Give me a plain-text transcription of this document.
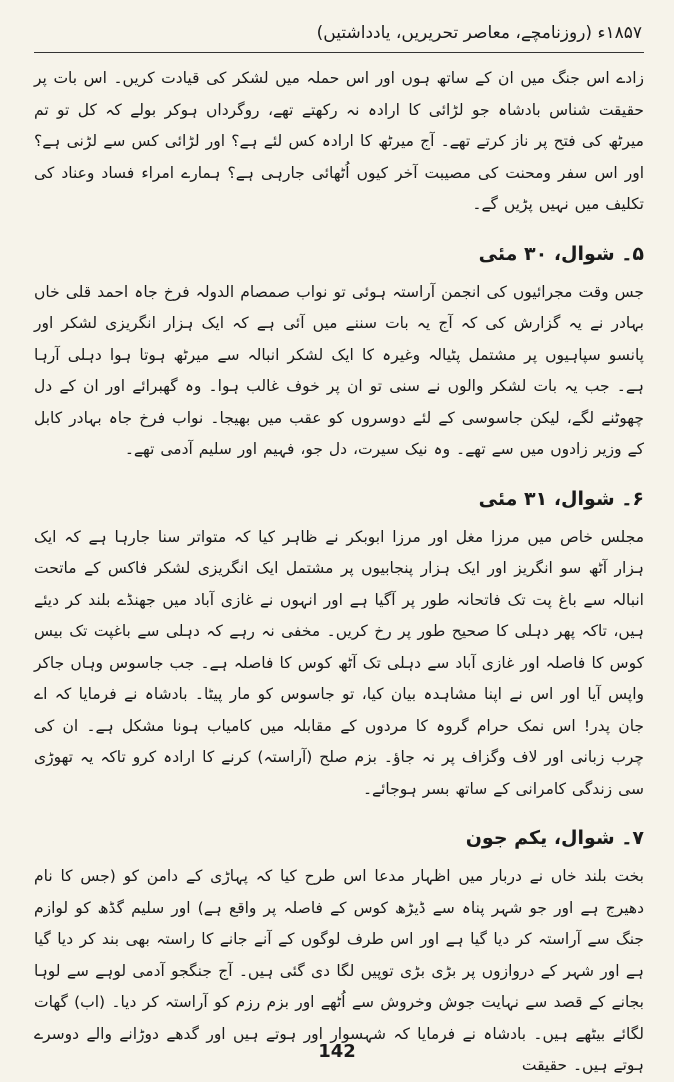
۱۸۵۷ء (روزنامچے، معاصر تحریریں، یادداشتیں)

زادے اس جنگ میں ان کے ساتھ ہوں اور اس حملہ میں لشکر کی قیادت کریں۔ اس بات پر حقیقت شناس بادشاہ جو لڑائی کا ارادہ نہ رکھتے تھے، روگرداں ہوکر بولے کہ کل تو تم میرٹھ کی فتح پر ناز کرتے تھے۔ آج میرٹھ کا ارادہ کس لئے ہے؟ اور لڑائی کس سے لڑنی ہے؟ اور اس سفر ومحنت کی مصیبت آخر کیوں اُٹھائی جارہی ہے؟ ہمارے امراء فساد وعناد کی تکلیف میں نہیں پڑیں گے۔

۵۔ شوال، ۳۰ مئی

جس وقت مجرائیوں کی انجمن آراستہ ہوئی تو نواب صمصام الدولہ فرخ جاہ احمد قلی خاں بہادر نے یہ گزارش کی کہ آج یہ بات سننے میں آئی ہے کہ ایک ہزار انگریزی لشکر اور پانسو سپاہیوں پر مشتمل پٹیالہ وغیرہ کا ایک لشکر انبالہ سے میرٹھ ہوتا ہوا دہلی آرہا ہے۔ جب یہ بات لشکر والوں نے سنی تو ان پر خوف غالب ہوا۔ وہ گھبرائے اور ان کے دل چھوٹنے لگے، لیکن جاسوسی کے لئے دوسروں کو عقب میں بھیجا۔ نواب فرخ جاہ بہادر کابل کے وزیر زادوں میں سے تھے۔ وہ نیک سیرت، دل جو، فہیم اور سلیم آدمی تھے۔

۶۔ شوال، ۳۱ مئی

مجلس خاص میں مرزا مغل اور مرزا ابوبکر نے ظاہر کیا کہ متواتر سنا جارہا ہے کہ ایک ہزار آٹھ سو انگریز اور ایک ہزار پنجابیوں پر مشتمل ایک انگریزی لشکر فاکس کے ماتحت انبالہ سے باغ پت تک فاتحانہ طور پر آگیا ہے اور انہوں نے غازی آباد میں جھنڈے بلند کر دیئے ہیں، تاکہ پھر دہلی کا صحیح طور پر رخ کریں۔ مخفی نہ رہے کہ دہلی سے باغپت تک بیس کوس کا فاصلہ اور غازی آباد سے دہلی تک آٹھ کوس کا فاصلہ ہے۔ جب جاسوس وہاں جاکر واپس آیا اور اس نے اپنا مشاہدہ بیان کیا، تو جاسوس کو مار پیٹا۔ بادشاہ نے فرمایا کہ اے جان پدر! اس نمک حرام گروہ کا مردوں کے مقابلہ میں کامیاب ہونا مشکل ہے۔ ان کی چرب زبانی اور لاف وگزاف پر نہ جاؤ۔ بزم صلح (آراستہ) کرنے کا ارادہ کرو تاکہ یہ تھوڑی سی زندگی کامرانی کے ساتھ بسر ہوجائے۔

۷۔ شوال، یکم جون

بخت بلند خاں نے دربار میں اظہار مدعا اس طرح کیا کہ پہاڑی کے دامن کو (جس کا نام دھیرج ہے اور جو شہر پناہ سے ڈیڑھ کوس کے فاصلہ پر واقع ہے) اور سلیم گڈھ کو لوازم جنگ سے آراستہ کر دیا گیا ہے اور اس طرف لوگوں کے آنے جانے کا راستہ بھی بند کر دیا گیا ہے اور شہر کے دروازوں پر بڑی بڑی توپیں لگا دی گئی ہیں۔ آج جنگجو آدمی لوہے سے لوہا بجانے کے قصد سے نہایت جوش وخروش سے اُٹھے اور بزم رزم کو آراستہ کر دیا۔ (اب) گھات لگائے بیٹھے ہیں۔ بادشاہ نے فرمایا کہ شہسوار اور ہوتے ہیں اور گدھے دوڑانے والے دوسرے ہوتے ہیں۔ حقیقت

142
